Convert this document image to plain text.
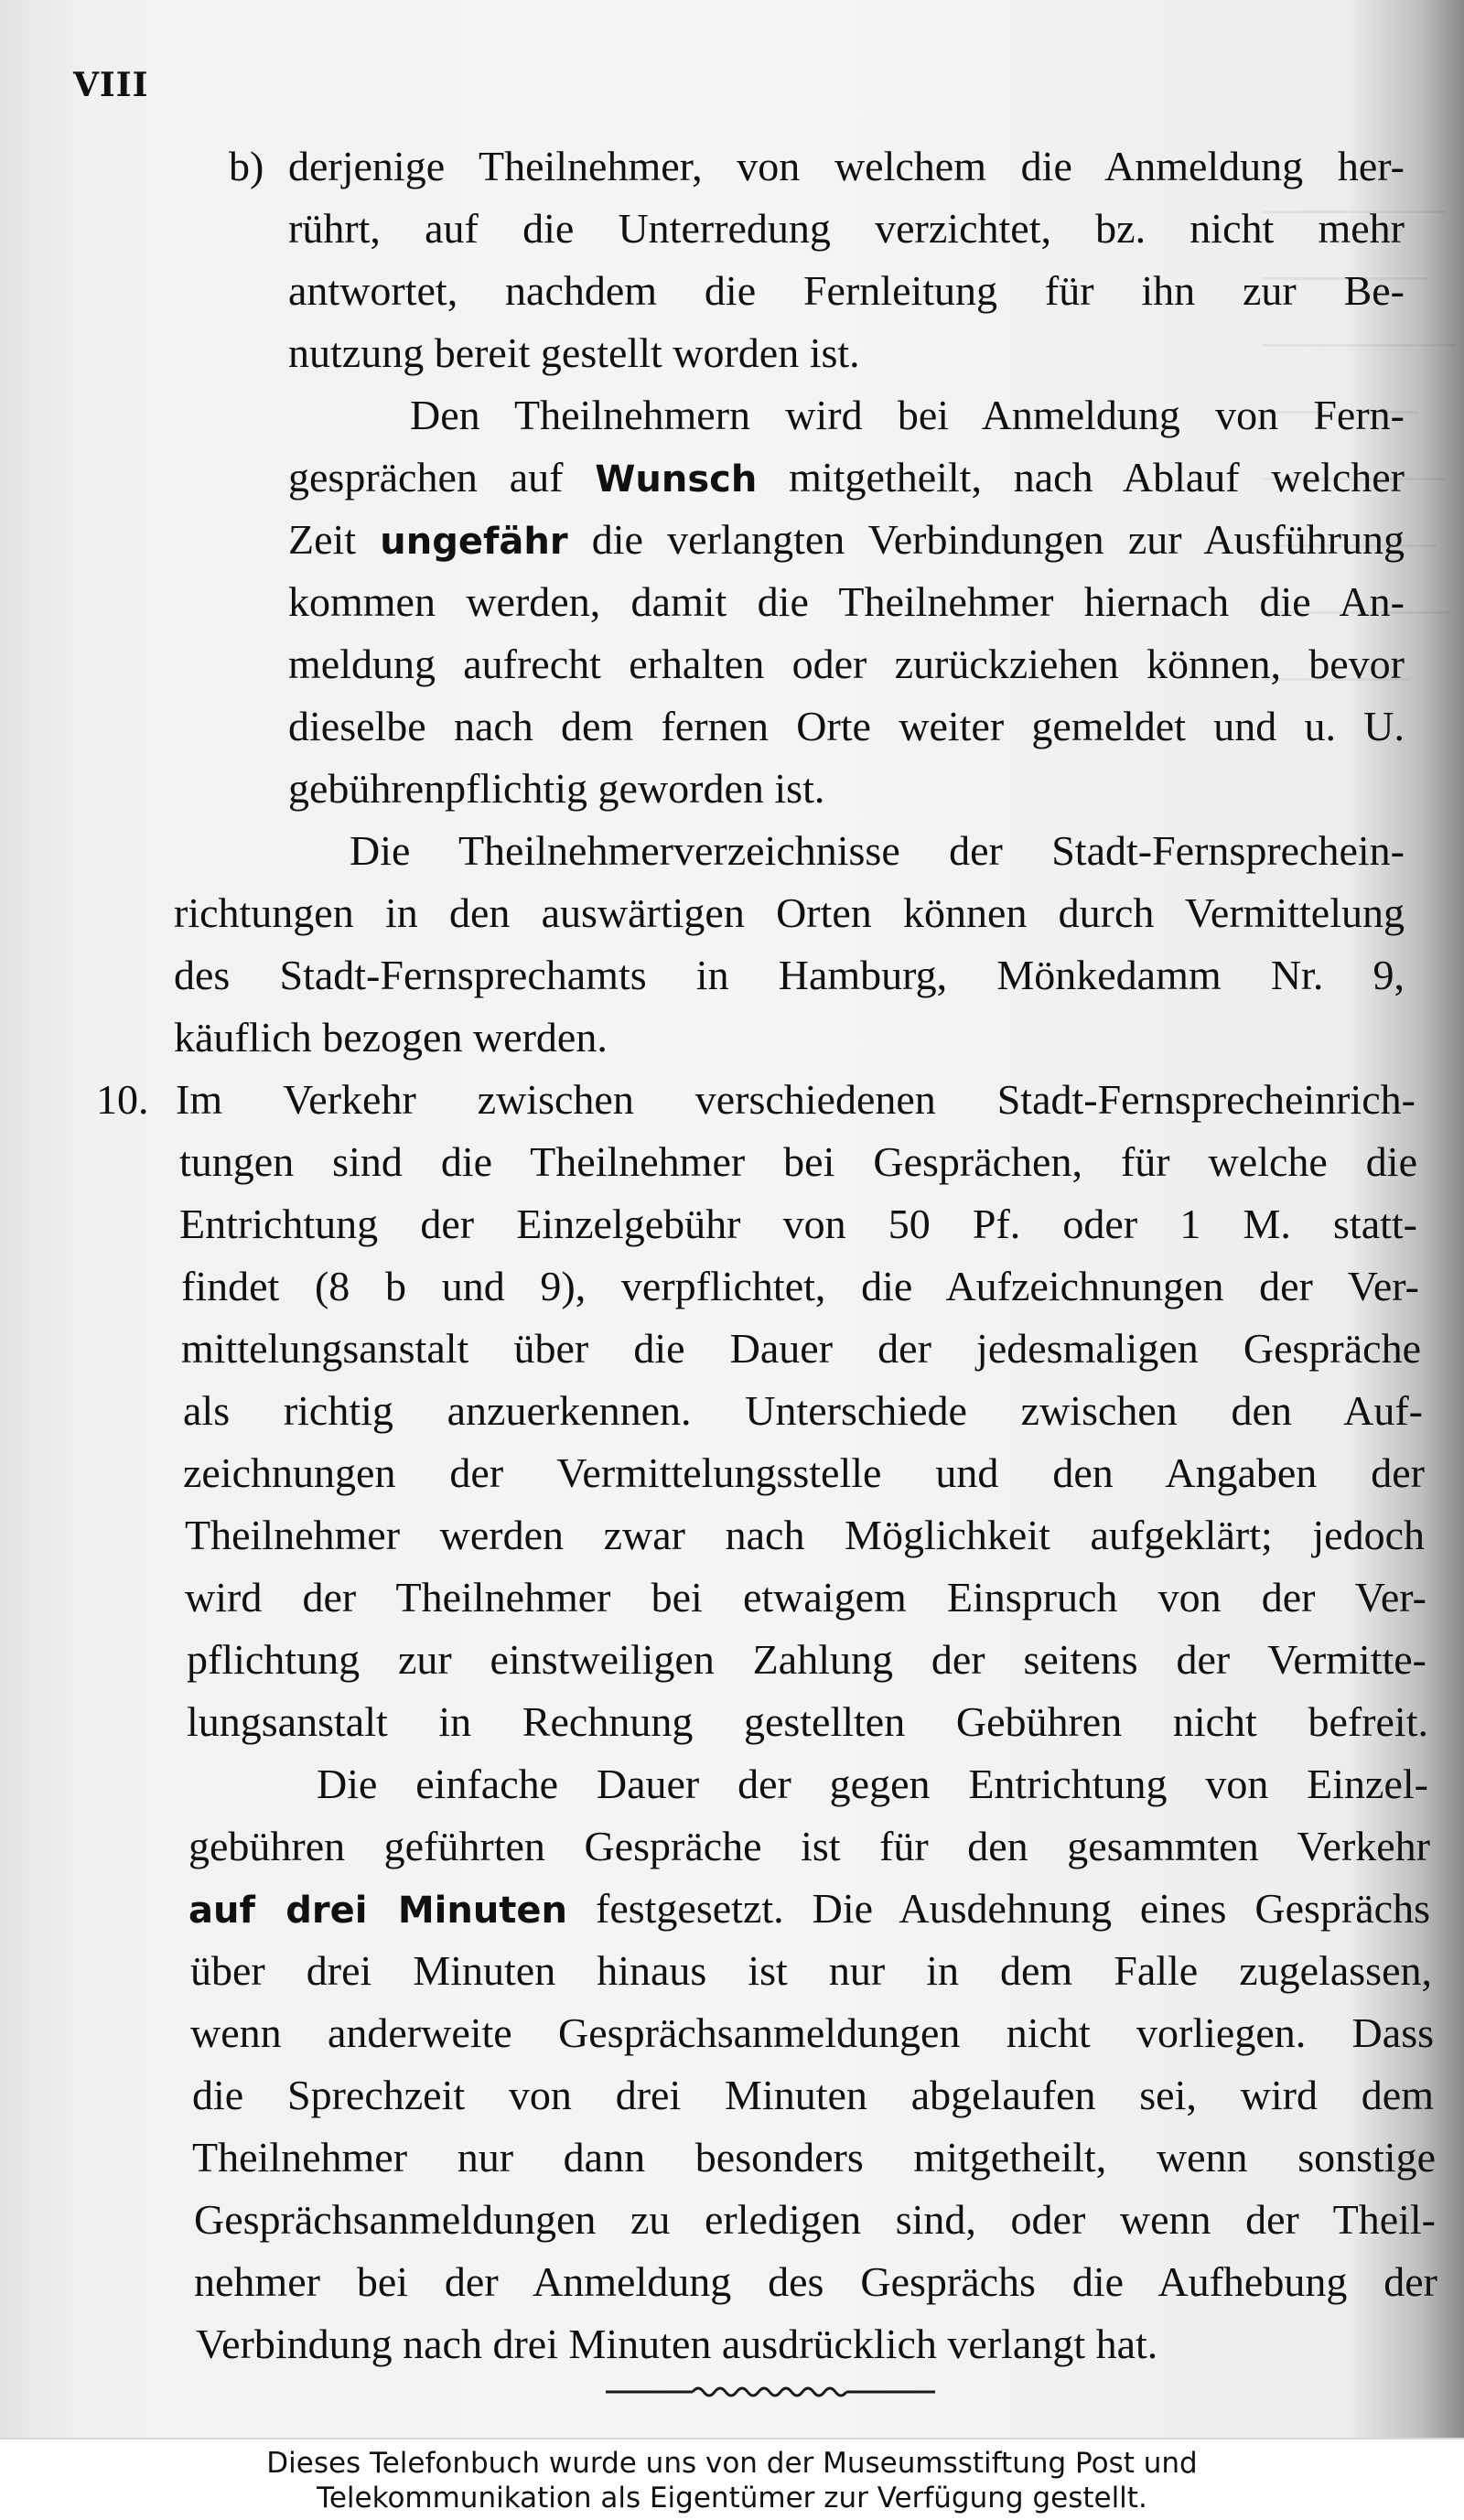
VIII
b) derjenige Theilnehmer, von welchem die Anmeldung her-
rührt, auf die Unterredung verzichtet, bz. nicht mehr
antwortet, nachdem die Fernleitung für ihn zur Be-
nutzung bereit gestellt worden ist.
Den Theilnehmern wird bei Anmeldung von Fern-
gesprächen auf Wunsch mitgetheilt, nach Ablauf welcher
Zeit ungefähr die verlangten Verbindungen zur Ausführung
kommen werden, damit die Theilnehmer hiernach die An-
meldung aufrecht erhalten oder zurückziehen können, bevor
dieselbe nach dem fernen Orte weiter gemeldet und u. U.
gebührenpflichtig geworden ist.
Die Theilnehmerverzeichnisse der Stadt-Fernsprechein-
richtungen in den auswärtigen Orten können durch Vermittelung
des Stadt-Fernsprechamts in Hamburg, Mönkedamm Nr. 9,
käuflich bezogen werden.
10. Im Verkehr zwischen verschiedenen Stadt-Fernsprecheinrich-
tungen sind die Theilnehmer bei Gesprächen, für welche die
Entrichtung der Einzelgebühr von 50 Pf. oder 1 M. statt-
findet (8 b und 9), verpflichtet, die Aufzeichnungen der Ver-
mittelungsanstalt über die Dauer der jedesmaligen Gespräche
als richtig anzuerkennen. Unterschiede zwischen den Auf-
zeichnungen der Vermittelungsstelle und den Angaben der
Theilnehmer werden zwar nach Möglichkeit aufgeklärt; jedoch
wird der Theilnehmer bei etwaigem Einspruch von der Ver-
pflichtung zur einstweiligen Zahlung der seitens der Vermitte-
lungsanstalt in Rechnung gestellten Gebühren nicht befreit.
Die einfache Dauer der gegen Entrichtung von Einzel-
gebühren geführten Gespräche ist für den gesammten Verkehr
auf drei Minuten festgesetzt. Die Ausdehnung eines Gesprächs
über drei Minuten hinaus ist nur in dem Falle zugelassen,
wenn anderweite Gesprächsanmeldungen nicht vorliegen. Dass
die Sprechzeit von drei Minuten abgelaufen sei, wird dem
Theilnehmer nur dann besonders mitgetheilt, wenn sonstige
Gesprächsanmeldungen zu erledigen sind, oder wenn der Theil-
nehmer bei der Anmeldung des Gesprächs die Aufhebung der
Verbindung nach drei Minuten ausdrücklich verlangt hat.
Dieses Telefonbuch wurde uns von der Museumsstiftung Post und
Telekommunikation als Eigentümer zur Verfügung gestellt.
